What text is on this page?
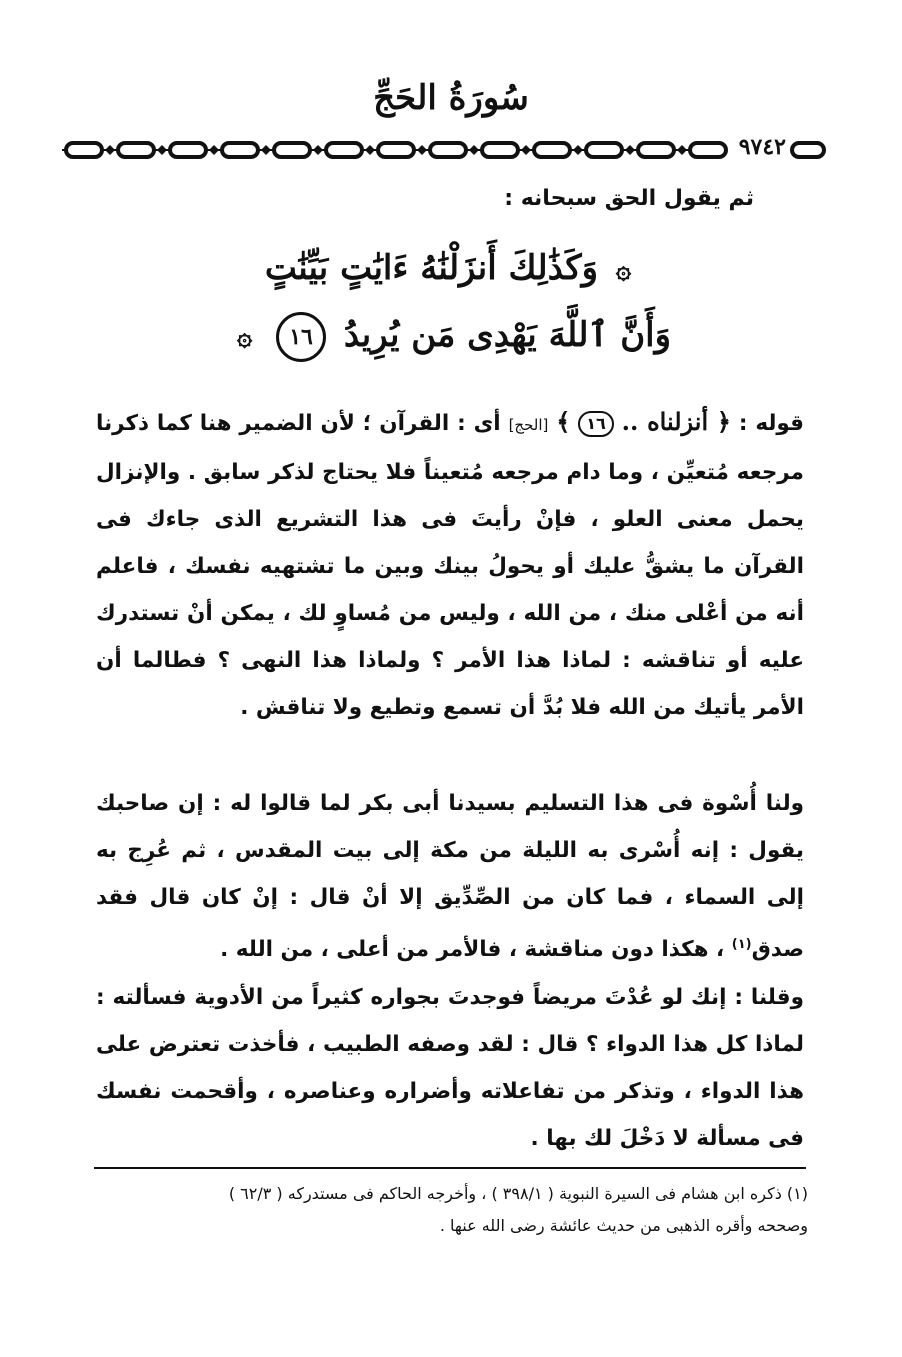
سُورَةُ الحَجِّ
٩٧٤٢
ثم يقول الحق سبحانه :
۞ وَكَذَٰلِكَ أَنزَلْنَٰهُ ءَايَٰتٍ بَيِّنَٰتٍ
وَأَنَّ ٱللَّهَ يَهْدِى مَن يُرِيدُ ١٦ ۞

قوله : ﴿ أنزلناه .. ١٦ ﴾ [الحج] أى : القرآن ؛ لأن الضمير هنا كما ذكرنا مرجعه مُتعيِّن ، وما دام مرجعه مُتعيناً فلا يحتاج لذكر سابق . والإنزال يحمل معنى العلو ، فإنْ رأيتَ فى هذا التشريع الذى جاءك فى القرآن ما يشقُّ عليك أو يحولُ بينك وبين ما تشتهيه نفسك ، فاعلم أنه من أعْلى منك ، من الله ، وليس من مُساوٍ لك ، يمكن أنْ تستدرك عليه أو تناقشه : لماذا هذا الأمر ؟ ولماذا هذا النهى ؟ فطالما أن الأمر يأتيك من الله فلا بُدَّ أن تسمع وتطيع ولا تناقش .

ولنا أُسْوة فى هذا التسليم بسيدنا أبى بكر لما قالوا له : إن صاحبك يقول : إنه أُسْرى به الليلة من مكة إلى بيت المقدس ، ثم عُرِج به إلى السماء ، فما كان من الصِّدِّيق إلا أنْ قال : إنْ كان قال فقد صدق$^{(١)}$ ، هكذا دون مناقشة ، فالأمر من أعلى ، من الله .

وقلنا : إنك لو عُدْتَ مريضاً فوجدتَ بجواره كثيراً من الأدوية فسألته : لماذا كل هذا الدواء ؟ قال : لقد وصفه الطبيب ، فأخذت تعترض على هذا الدواء ، وتذكر من تفاعلاته وأضراره وعناصره ، وأقحمت نفسك فى مسألة لا دَخْلَ لك بها .

(١) ذكره ابن هشام فى السيرة النبوية ( ٣٩٨/١ ) ، وأخرجه الحاكم فى مستدركه ( ٦٢/٣ )

وصححه وأقره الذهبى من حديث عائشة رضى الله عنها .
